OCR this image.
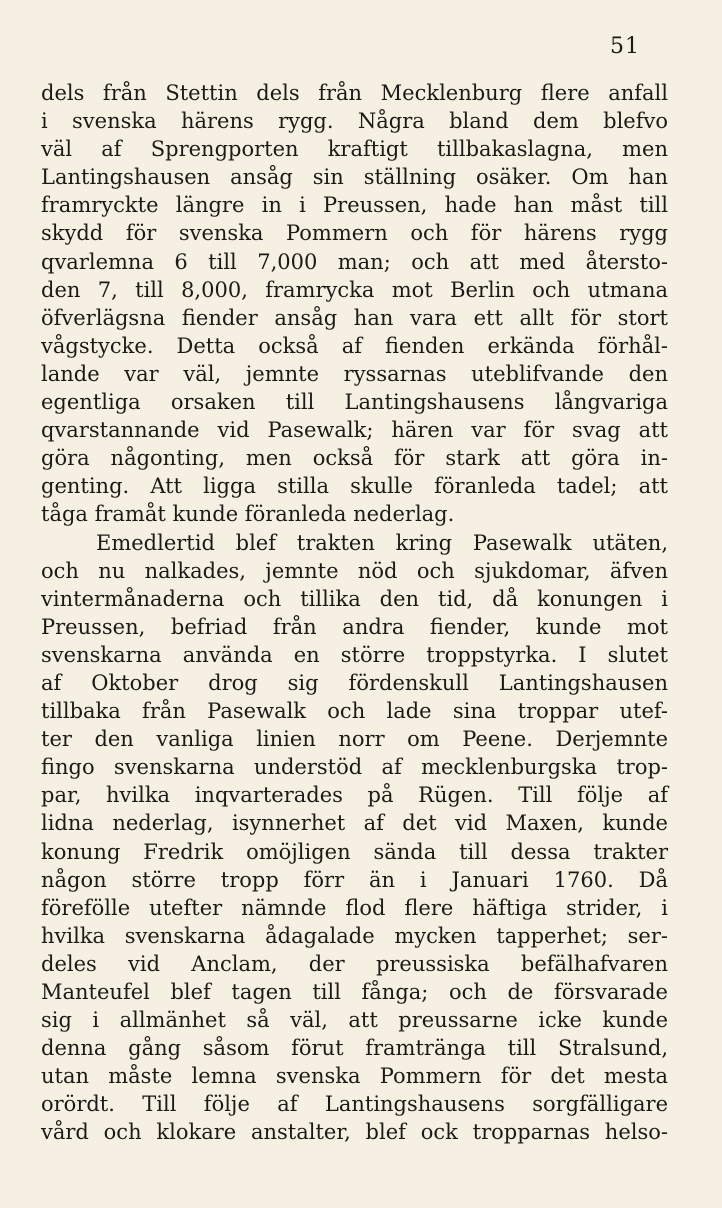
51
dels från Stettin dels från Mecklenburg flere anfall
i svenska härens rygg. Några bland dem blefvo
väl af Sprengporten kraftigt tillbakaslagna, men
Lantingshausen ansåg sin ställning osäker. Om han
framryckte längre in i Preussen, hade han måst till
skydd för svenska Pommern och för härens rygg
qvarlemna 6 till 7,000 man; och att med återsto-
den 7, till 8,000, framrycka mot Berlin och utmana
öfverlägsna fiender ansåg han vara ett allt för stort
vågstycke. Detta också af fienden erkända förhål-
lande var väl, jemnte ryssarnas uteblifvande den
egentliga orsaken till Lantingshausens långvariga
qvarstannande vid Pasewalk; hären var för svag att
göra någonting, men också för stark att göra in-
genting. Att ligga stilla skulle föranleda tadel; att
tåga framåt kunde föranleda nederlag.
Emedlertid blef trakten kring Pasewalk utäten,
och nu nalkades, jemnte nöd och sjukdomar, äfven
vintermånaderna och tillika den tid, då konungen i
Preussen, befriad från andra fiender, kunde mot
svenskarna använda en större troppstyrka. I slutet
af Oktober drog sig fördenskull Lantingshausen
tillbaka från Pasewalk och lade sina troppar utef-
ter den vanliga linien norr om Peene. Derjemnte
fingo svenskarna understöd af mecklenburgska trop-
par, hvilka inqvarterades på Rügen. Till följe af
lidna nederlag, isynnerhet af det vid Maxen, kunde
konung Fredrik omöjligen sända till dessa trakter
någon större tropp förr än i Januari 1760. Då
förefölle utefter nämnde flod flere häftiga strider, i
hvilka svenskarna ådagalade mycken tapperhet; ser-
deles vid Anclam, der preussiska befälhafvaren
Manteufel blef tagen till fånga; och de försvarade
sig i allmänhet så väl, att preussarne icke kunde
denna gång såsom förut framtränga till Stralsund,
utan måste lemna svenska Pommern för det mesta
orördt. Till följe af Lantingshausens sorgfälligare
vård och klokare anstalter, blef ock tropparnas helso-
